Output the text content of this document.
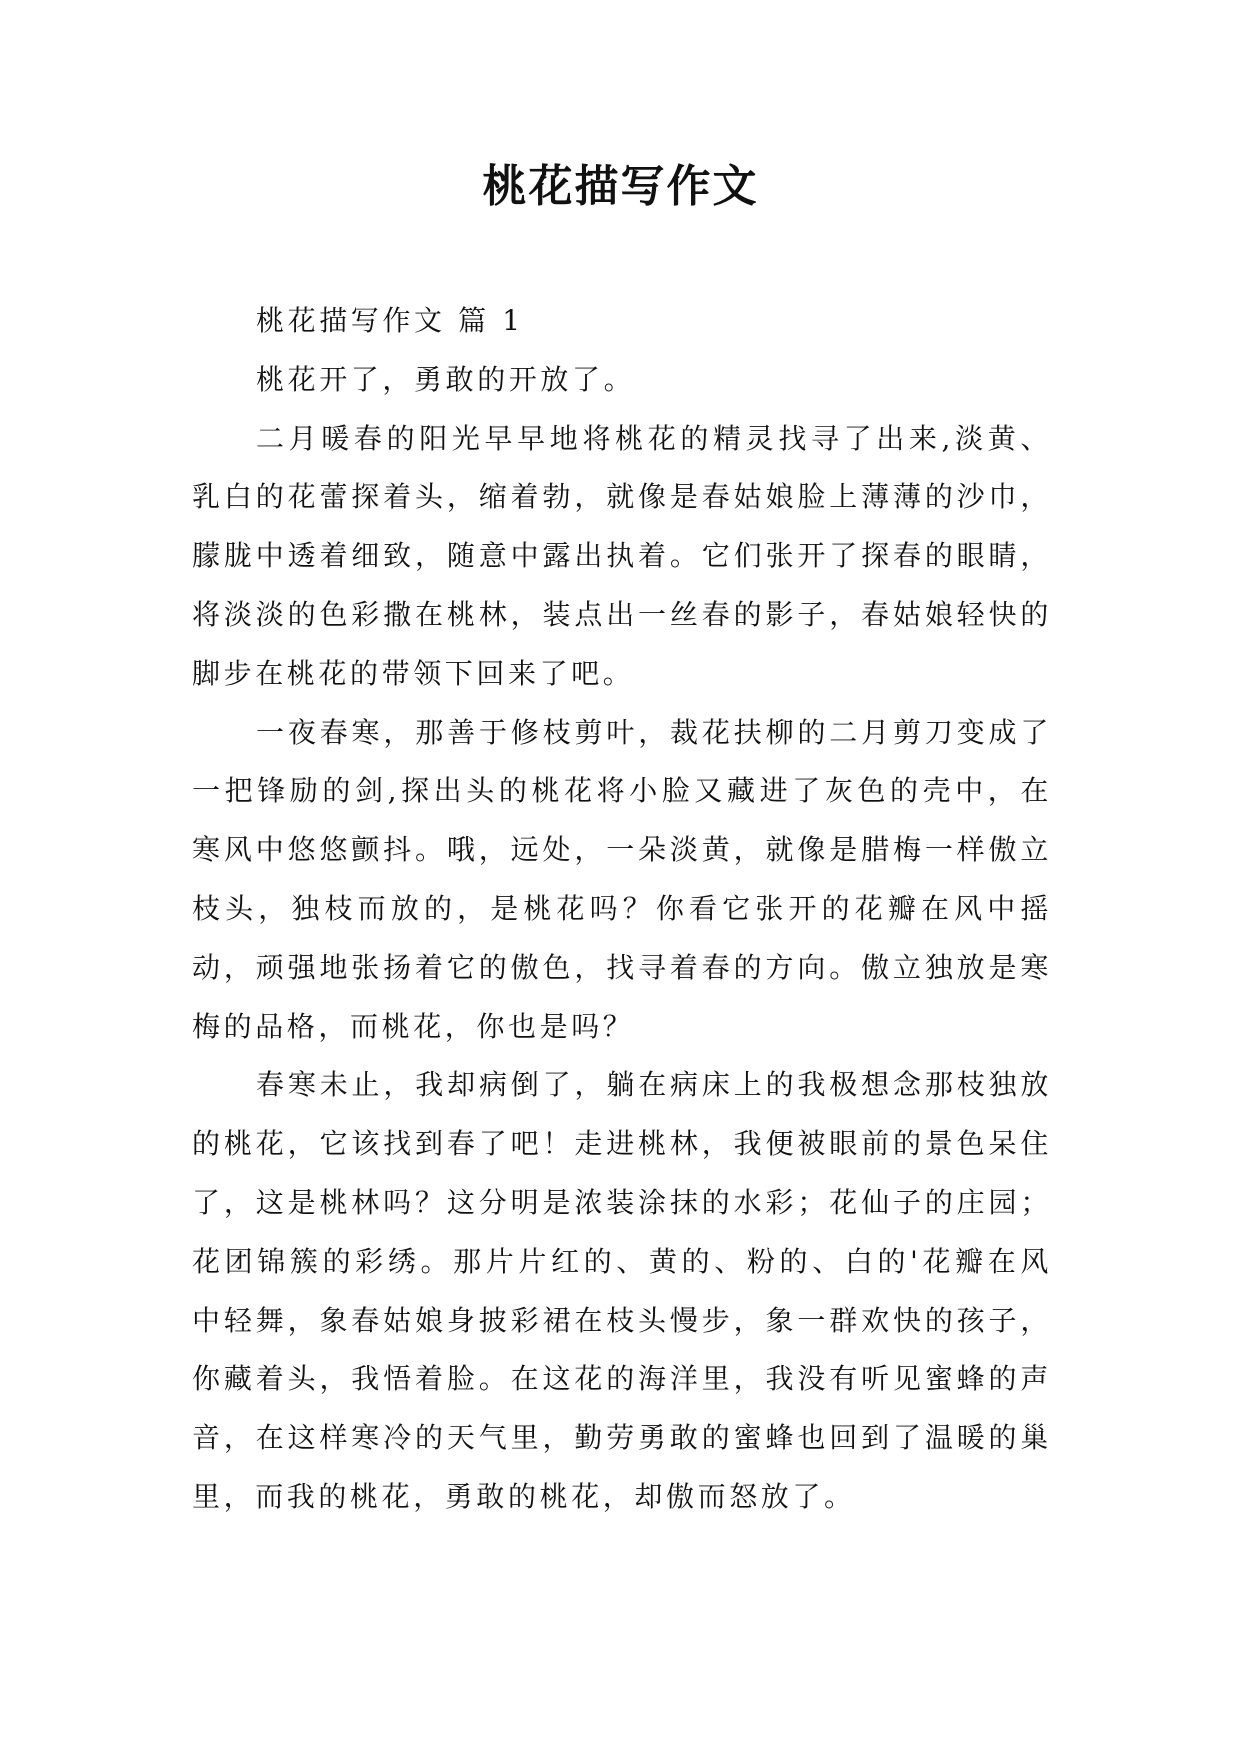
桃花描写作文

桃花描写作文 篇 1

桃花开了，勇敢的开放了。

二月暖春的阳光早早地将桃花的精灵找寻了出来,淡黄、乳白的花蕾探着头，缩着勃，就像是春姑娘脸上薄薄的沙巾，朦胧中透着细致，随意中露出执着。它们张开了探春的眼睛，将淡淡的色彩撒在桃林，装点出一丝春的影子，春姑娘轻快的脚步在桃花的带领下回来了吧。

一夜春寒，那善于修枝剪叶，裁花扶柳的二月剪刀变成了一把锋励的剑,探出头的桃花将小脸又藏进了灰色的壳中，在寒风中悠悠颤抖。哦，远处，一朵淡黄，就像是腊梅一样傲立枝头，独枝而放的，是桃花吗？你看它张开的花瓣在风中摇动，顽强地张扬着它的傲色，找寻着春的方向。傲立独放是寒梅的品格，而桃花，你也是吗？

春寒未止，我却病倒了，躺在病床上的我极想念那枝独放的桃花，它该找到春了吧！走进桃林，我便被眼前的景色呆住了，这是桃林吗？这分明是浓装涂抹的水彩；花仙子的庄园；花团锦簇的彩绣。那片片红的、黄的、粉的、白的'花瓣在风中轻舞，象春姑娘身披彩裙在枝头慢步，象一群欢快的孩子，你藏着头，我悟着脸。在这花的海洋里，我没有听见蜜蜂的声音，在这样寒冷的天气里，勤劳勇敢的蜜蜂也回到了温暖的巢里，而我的桃花，勇敢的桃花，却傲而怒放了。
